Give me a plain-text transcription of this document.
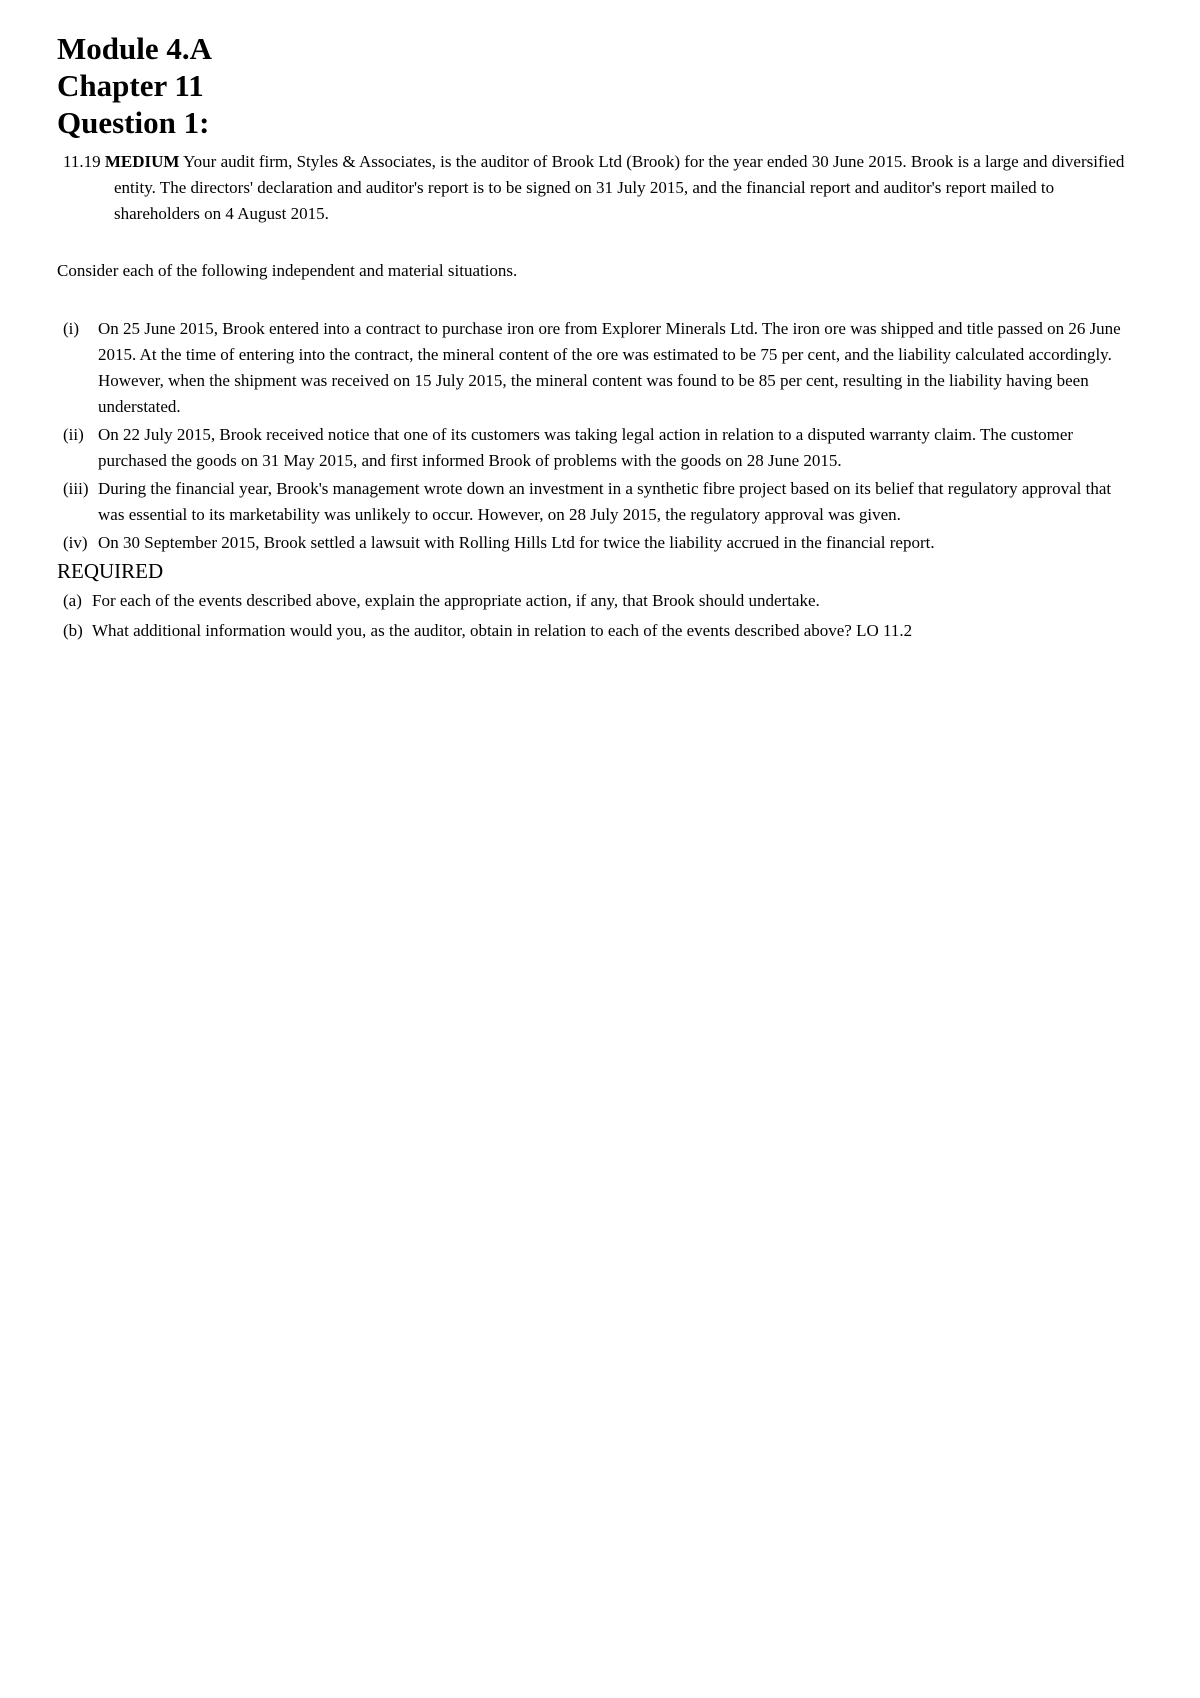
Module 4.A
Chapter 11
Question 1:

11.19 MEDIUM Your audit firm, Styles & Associates, is the auditor of Brook Ltd (Brook) for the year ended 30 June 2015. Brook is a large and diversified entity. The directors' declaration and auditor's report is to be signed on 31 July 2015, and the financial report and auditor's report mailed to shareholders on 4 August 2015.

Consider each of the following independent and material situations.

(i) On 25 June 2015, Brook entered into a contract to purchase iron ore from Explorer Minerals Ltd. The iron ore was shipped and title passed on 26 June 2015. At the time of entering into the contract, the mineral content of the ore was estimated to be 75 per cent, and the liability calculated accordingly. However, when the shipment was received on 15 July 2015, the mineral content was found to be 85 per cent, resulting in the liability having been understated.
(ii) On 22 July 2015, Brook received notice that one of its customers was taking legal action in relation to a disputed warranty claim. The customer purchased the goods on 31 May 2015, and first informed Brook of problems with the goods on 28 June 2015.
(iii) During the financial year, Brook's management wrote down an investment in a synthetic fibre project based on its belief that regulatory approval that was essential to its marketability was unlikely to occur. However, on 28 July 2015, the regulatory approval was given.
(iv) On 30 September 2015, Brook settled a lawsuit with Rolling Hills Ltd for twice the liability accrued in the financial report.
REQUIRED
(a) For each of the events described above, explain the appropriate action, if any, that Brook should undertake.
(b) What additional information would you, as the auditor, obtain in relation to each of the events described above? LO 11.2
